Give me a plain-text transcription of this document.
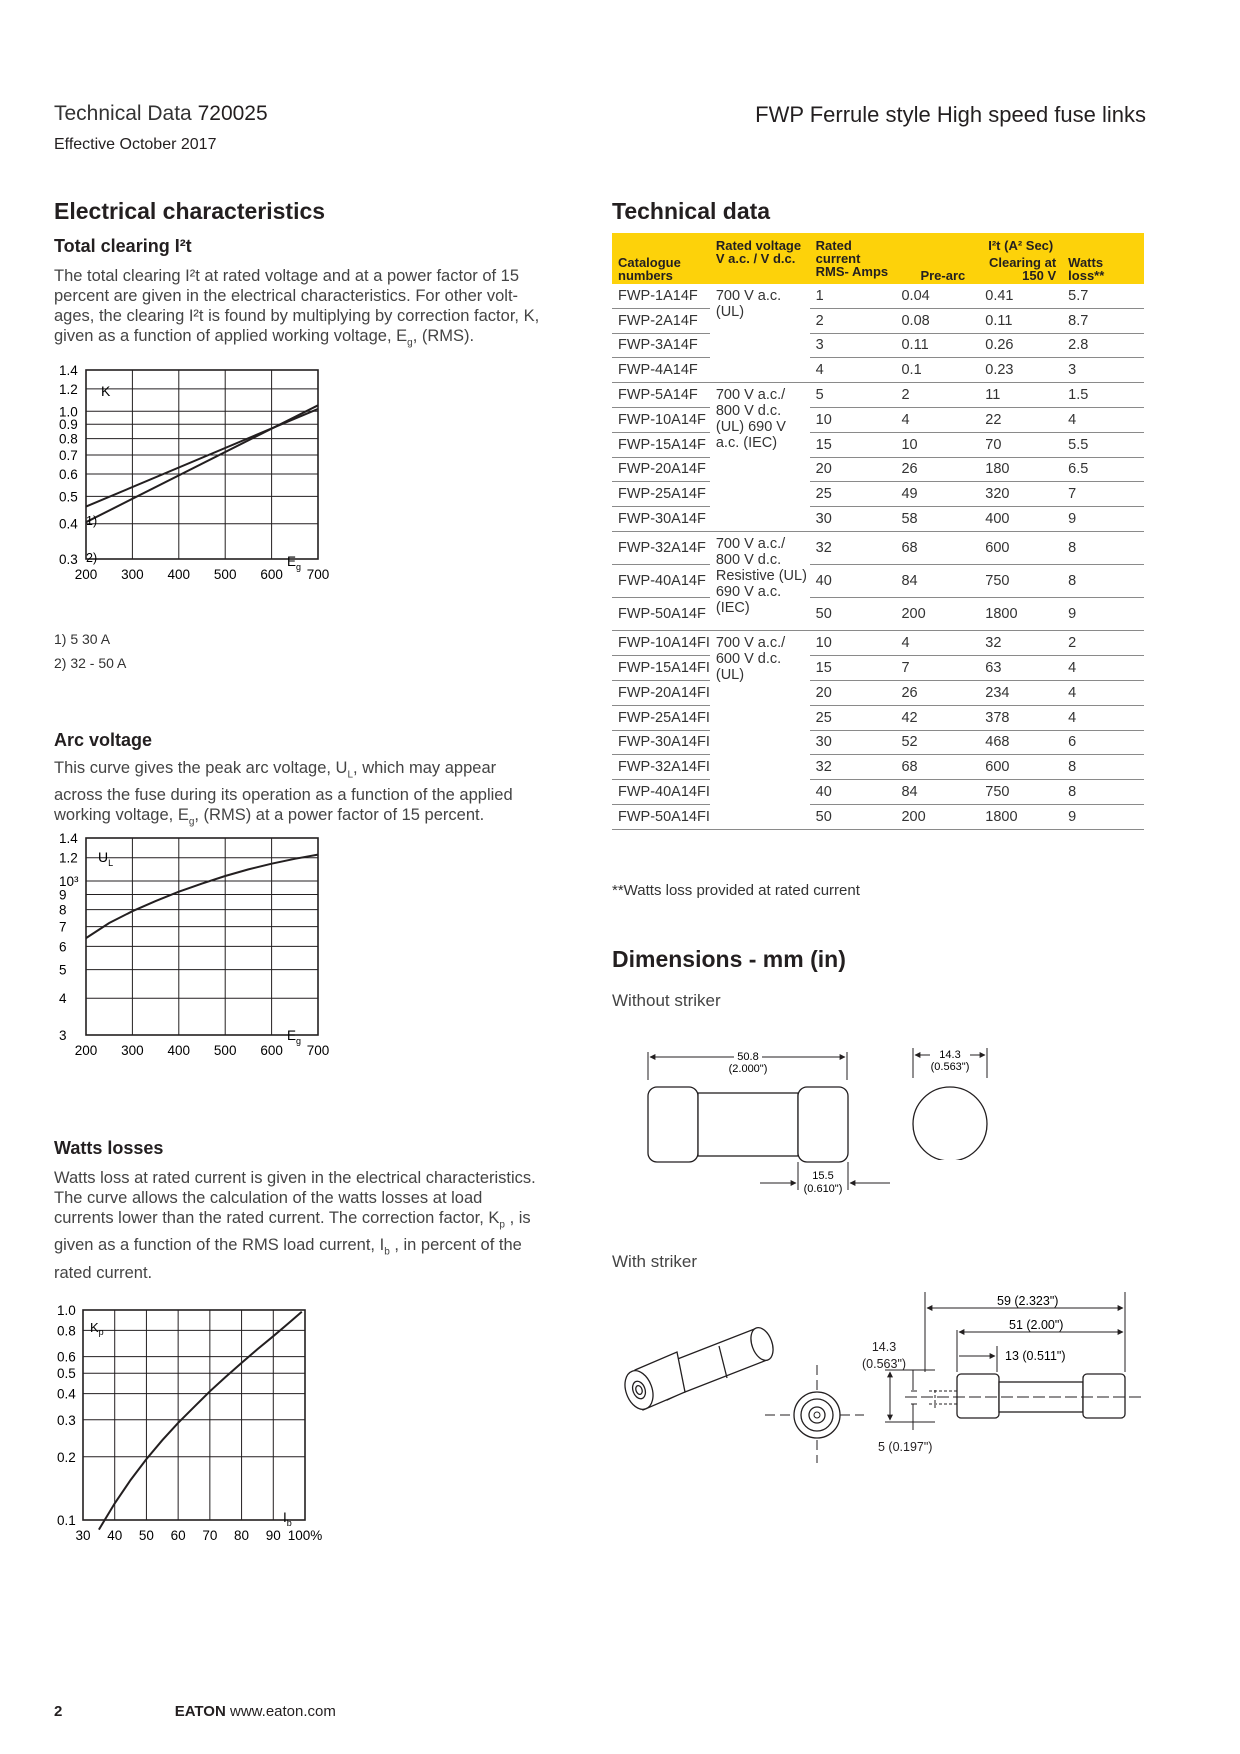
Technical Data 720025
Effective October 2017
FWP Ferrule style High speed fuse links
Electrical characteristics
Total clearing I²t
The total clearing I²t at rated voltage and at a power factor of 15
percent are given in the electrical characteristics. For other volt-
ages, the clearing I²t is found by multiplying by correction factor, K,
given as a function of applied working voltage, $E_g$, (RMS).
1.4
1.2
1.0
0.9
0.8
0.7
0.6
0.5
0.4
0.3
200 300 400 500 600 700
K
1)
2)	$E_g$
1) 5 30 A
2) 32 - 50 A
Arc voltage
This curve gives the peak arc voltage, $U_L$, which may appear
across the fuse during its operation as a function of the applied
working voltage, $E_g$, (RMS) at a power factor of 15 percent.
1.4
1.2
10³
9
8
7
6
5
4
3
200 300 400 500 600 700
$U_L$
$E_g$
Watts losses
Watts loss at rated current is given in the electrical characteristics.
The curve allows the calculation of the watts losses at load
currents lower than the rated current. The correction factor, $K_p$ , is
given as a function of the RMS load current, $I_b$ , in percent of the
rated current.
1.0
0.8
0.6
0.5
0.4
0.3
0.2
0.1
30 40 50 60 70 80 90 100%
$K_p$
$I_b$
Technical data
Catalogue numbers	Rated voltage V a.c. / V d.c.	Rated current RMS- Amps	I²t (A² Sec)		
			Pre-arc	Clearing at 150 V	Watts loss**
FWP-1A14F	700 V a.c. (UL)	1	0.04	0.41	5.7
FWP-2A14F		2	0.08	0.11	8.7
FWP-3A14F		3	0.11	0.26	2.8
FWP-4A14F		4	0.1	0.23	3
FWP-5A14F	700 V a.c./ 800 V d.c. (UL) 690 V a.c. (IEC)	5	2	11	1.5
FWP-10A14F		10	4	22	4
FWP-15A14F		15	10	70	5.5
FWP-20A14F		20	26	180	6.5
FWP-25A14F		25	49	320	7
FWP-30A14F		30	58	400	9
FWP-32A14F	700 V a.c./ 800 V d.c. Resistive (UL) 690 V a.c. (IEC)	32	68	600	8
FWP-40A14F		40	84	750	8
FWP-50A14F		50	200	1800	9
FWP-10A14FI	700 V a.c./ 600 V d.c. (UL)	10	4	32	2
FWP-15A14FI		15	7	63	4
FWP-20A14FI		20	26	234	4
FWP-25A14FI		25	42	378	4
FWP-30A14FI		30	52	468	6
FWP-32A14FI		32	68	600	8
FWP-40A14FI		40	84	750	8
FWP-50A14FI		50	200	1800	9
**Watts loss provided at rated current
Dimensions - mm (in)
Without striker
50.8
(2.000")
15.5
(0.610")
14.3
(0.563")
With striker
59 (2.323")
51 (2.00")
13 (0.511")
14.3
(0.563")
5 (0.197")
2	EATON www.eaton.com
